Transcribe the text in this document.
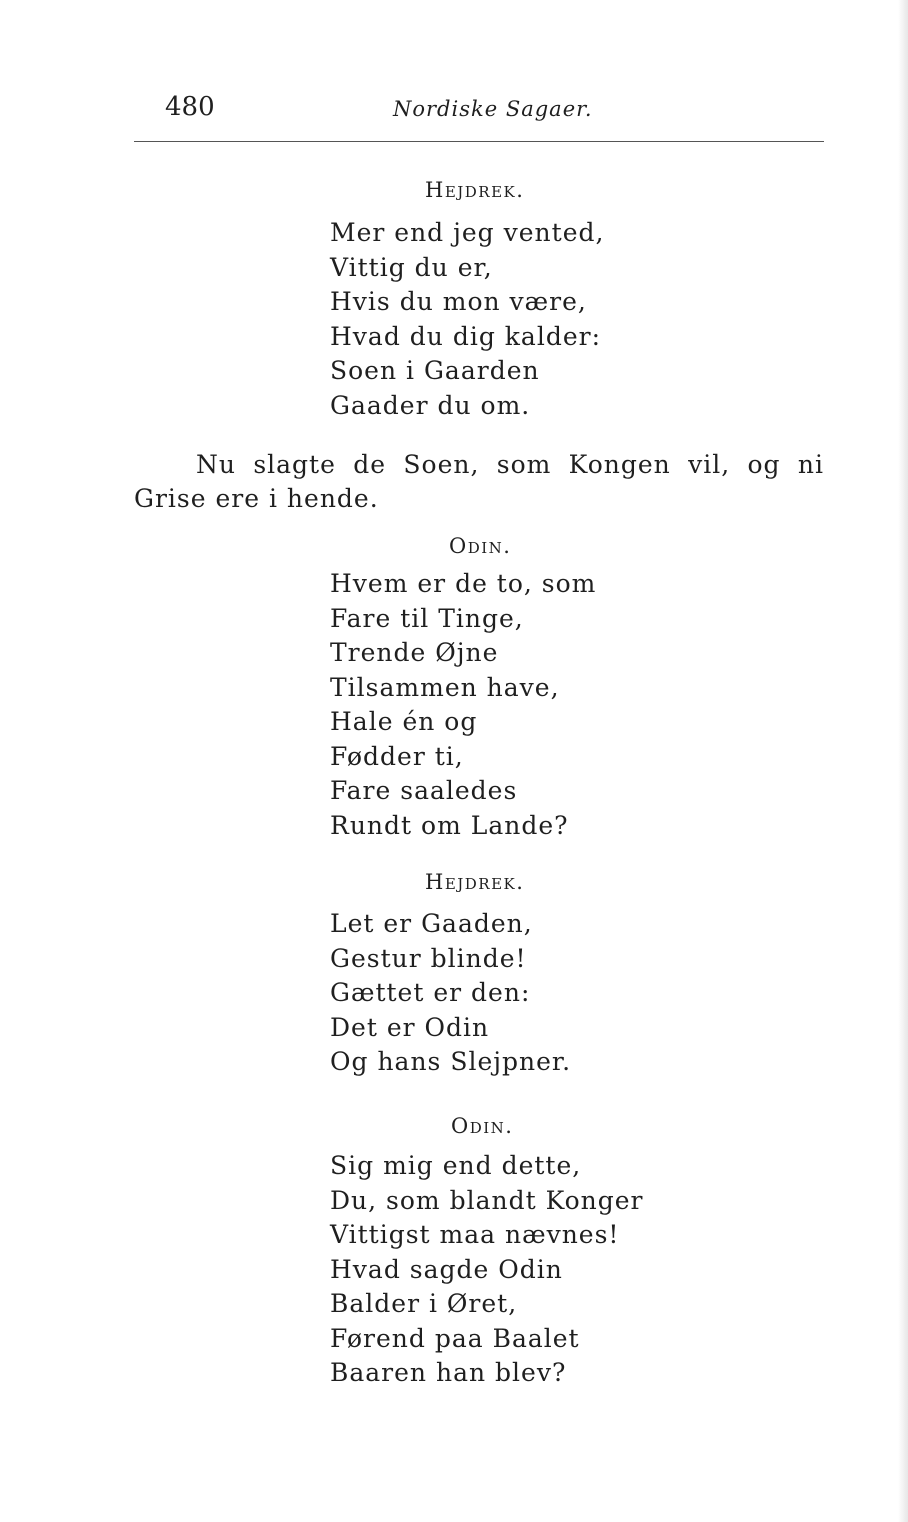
480	Nordiske Sagaer.
Hejdrek.
Mer end jeg vented,
Vittig du er,
Hvis du mon være,
Hvad du dig kalder:
Soen i Gaarden
Gaader du om.

Nu slagte de Soen, som Kongen vil, og ni Grise ere i hende.

Odin.
Hvem er de to, som
Fare til Tinge,
Trende Øjne
Tilsammen have,
Hale én og
Fødder ti,
Fare saaledes
Rundt om Lande?
Hejdrek.
Let er Gaaden,
Gestur blinde!
Gættet er den:
Det er Odin
Og hans Slejpner.
Odin.
Sig mig end dette,
Du, som blandt Konger
Vittigst maa nævnes!
Hvad sagde Odin
Balder i Øret,
Førend paa Baalet
Baaren han blev?
